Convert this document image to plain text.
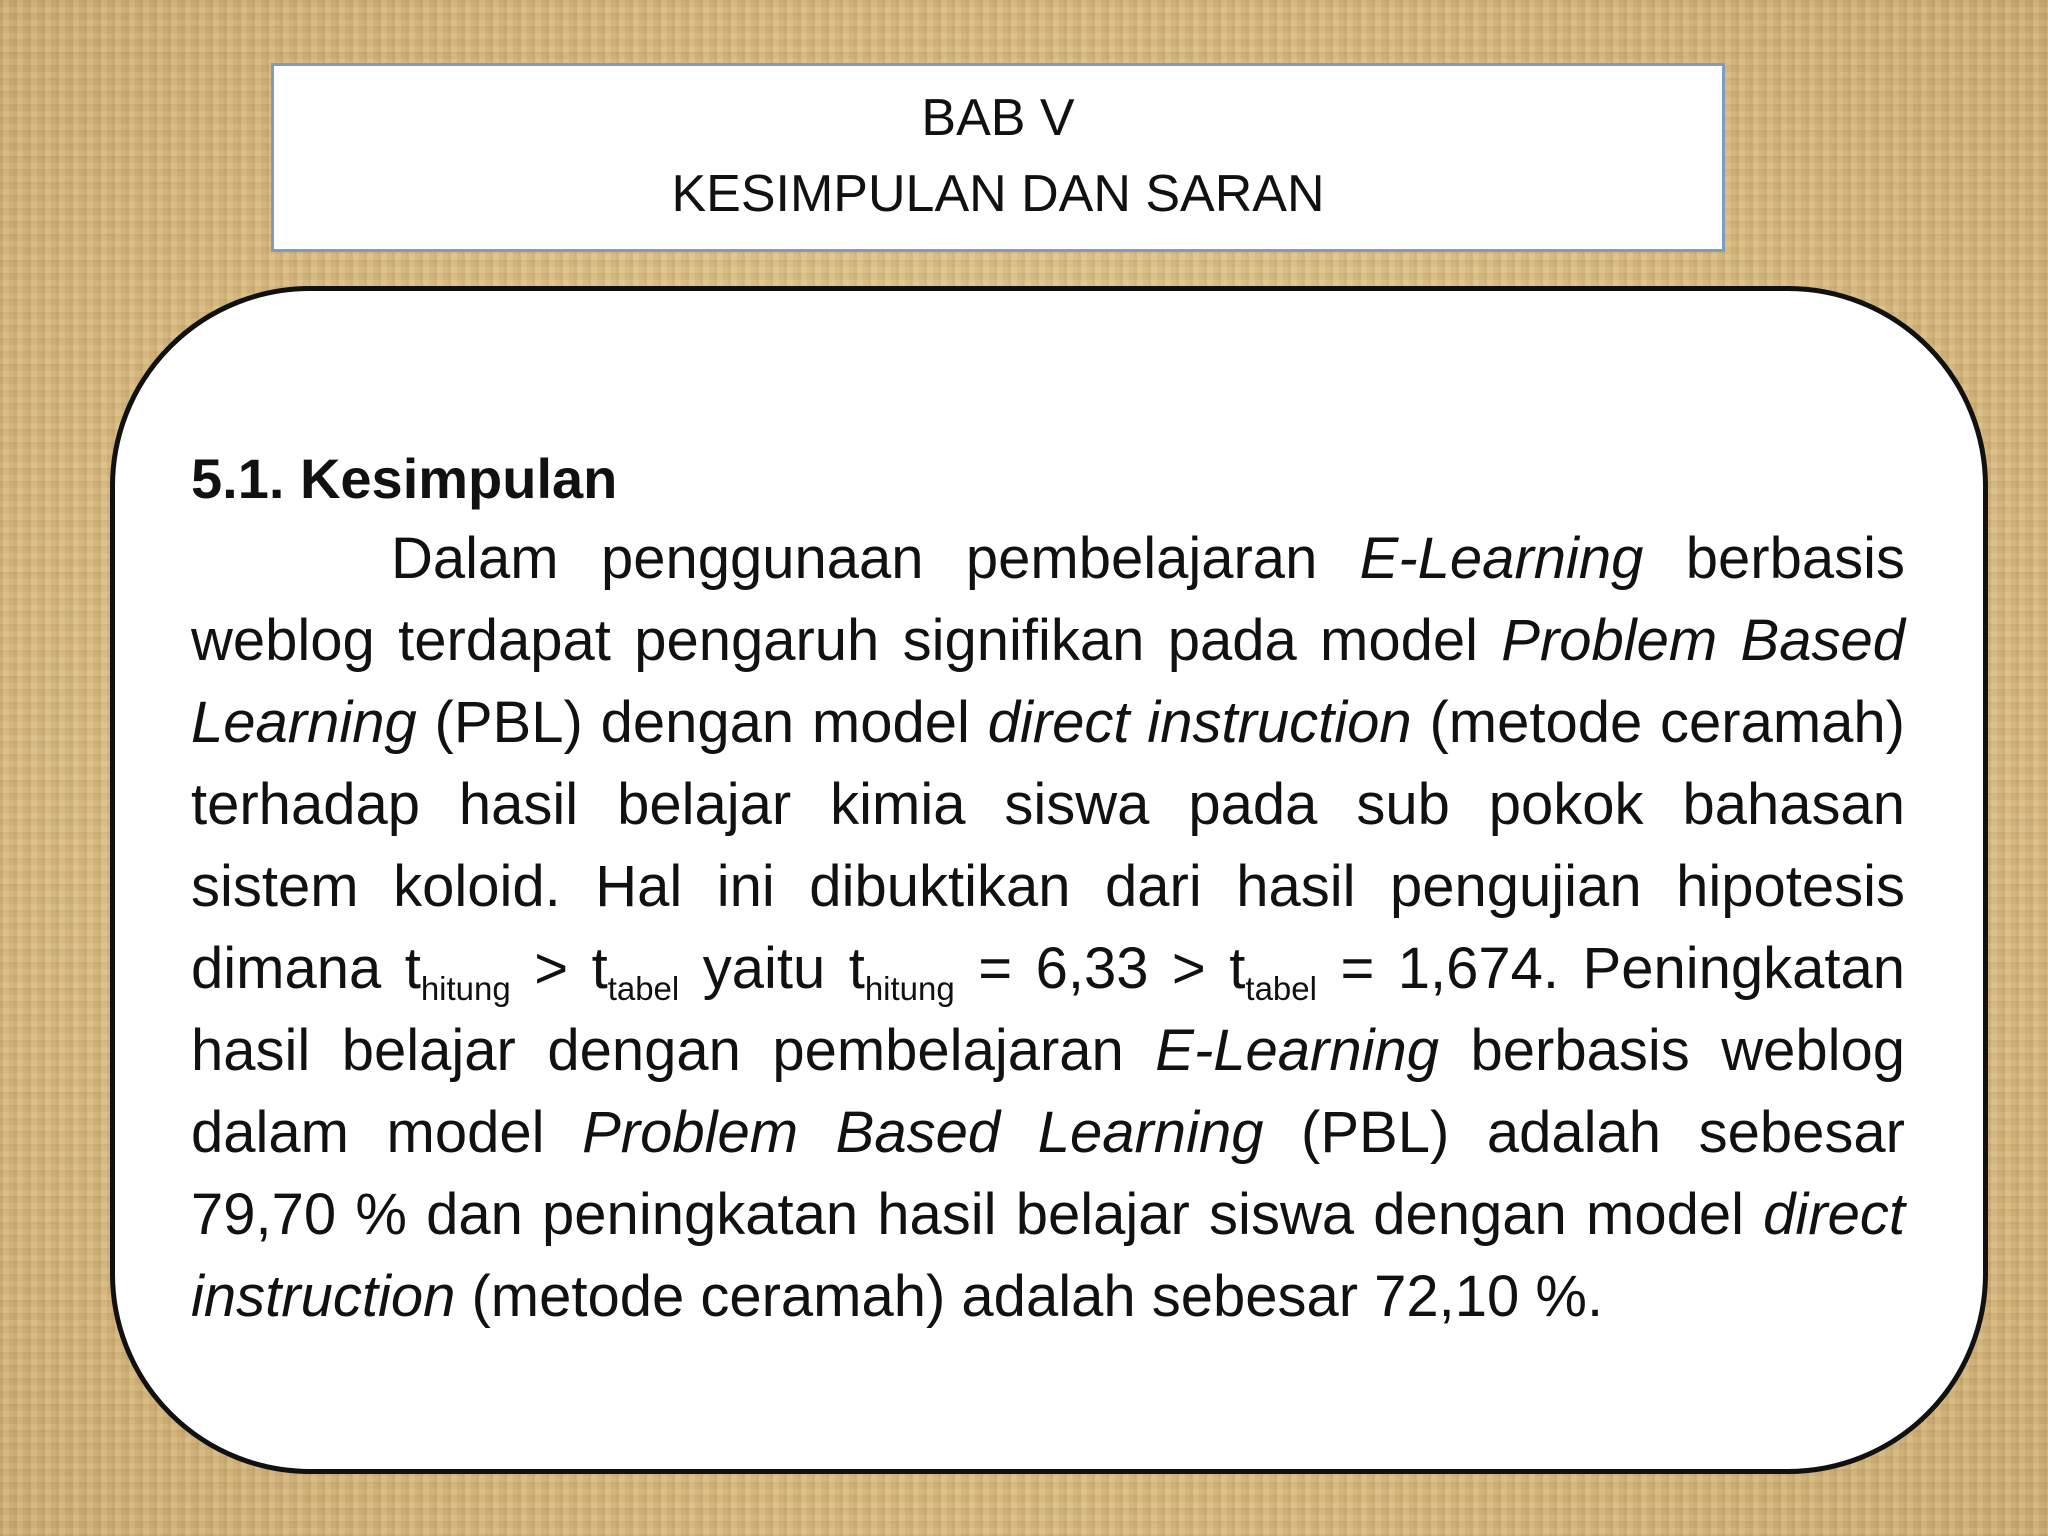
BAB V
KESIMPULAN DAN SARAN
5.1. Kesimpulan
Dalam penggunaan pembelajaran E-Learning berbasis weblog terdapat pengaruh signifikan pada model Problem Based Learning (PBL) dengan model direct instruction (metode ceramah) terhadap hasil belajar kimia siswa pada sub pokok bahasan sistem koloid. Hal ini dibuktikan dari hasil pengujian hipotesis dimana $t_{hitung} > t_{tabel}$ yaitu $t_{hitung} = 6,33 > t_{tabel} = 1,674$. Peningkatan hasil belajar dengan pembelajaran E-Learning berbasis weblog dalam model Problem Based Learning (PBL) adalah sebesar 79,70 % dan peningkatan hasil belajar siswa dengan model direct instruction (metode ceramah) adalah sebesar 72,10 %.
